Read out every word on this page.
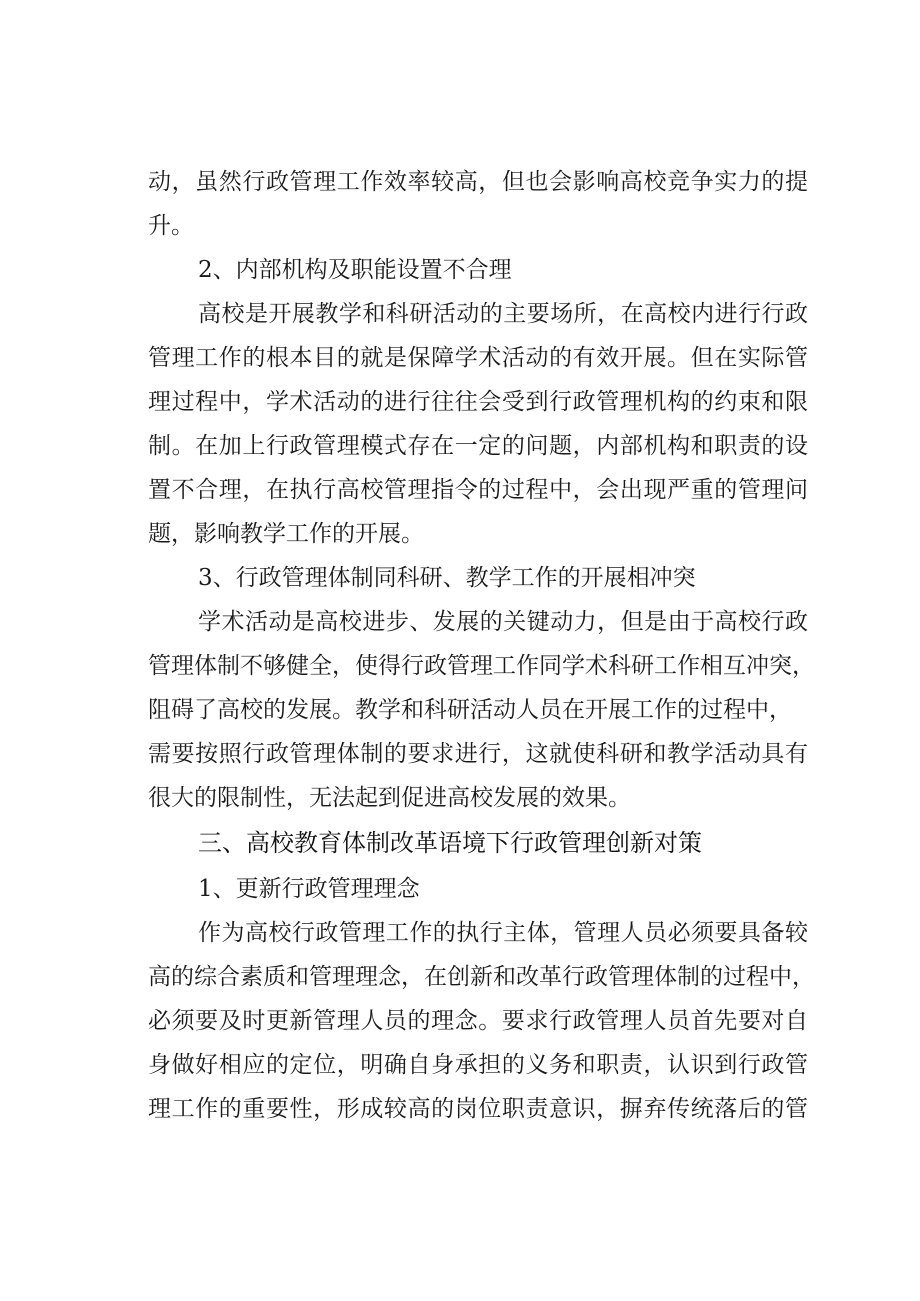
动，虽然行政管理工作效率较高，但也会影响高校竞争实力的提
升。
2、内部机构及职能设置不合理
高校是开展教学和科研活动的主要场所，在高校内进行行政
管理工作的根本目的就是保障学术活动的有效开展。但在实际管
理过程中，学术活动的进行往往会受到行政管理机构的约束和限
制。在加上行政管理模式存在一定的问题，内部机构和职责的设
置不合理，在执行高校管理指令的过程中，会出现严重的管理问
题，影响教学工作的开展。
3、行政管理体制同科研、教学工作的开展相冲突
学术活动是高校进步、发展的关键动力，但是由于高校行政
管理体制不够健全，使得行政管理工作同学术科研工作相互冲突，
阻碍了高校的发展。教学和科研活动人员在开展工作的过程中，
需要按照行政管理体制的要求进行，这就使科研和教学活动具有
很大的限制性，无法起到促进高校发展的效果。
三、高校教育体制改革语境下行政管理创新对策
1、更新行政管理理念
作为高校行政管理工作的执行主体，管理人员必须要具备较
高的综合素质和管理理念，在创新和改革行政管理体制的过程中，
必须要及时更新管理人员的理念。要求行政管理人员首先要对自
身做好相应的定位，明确自身承担的义务和职责，认识到行政管
理工作的重要性，形成较高的岗位职责意识，摒弃传统落后的管
